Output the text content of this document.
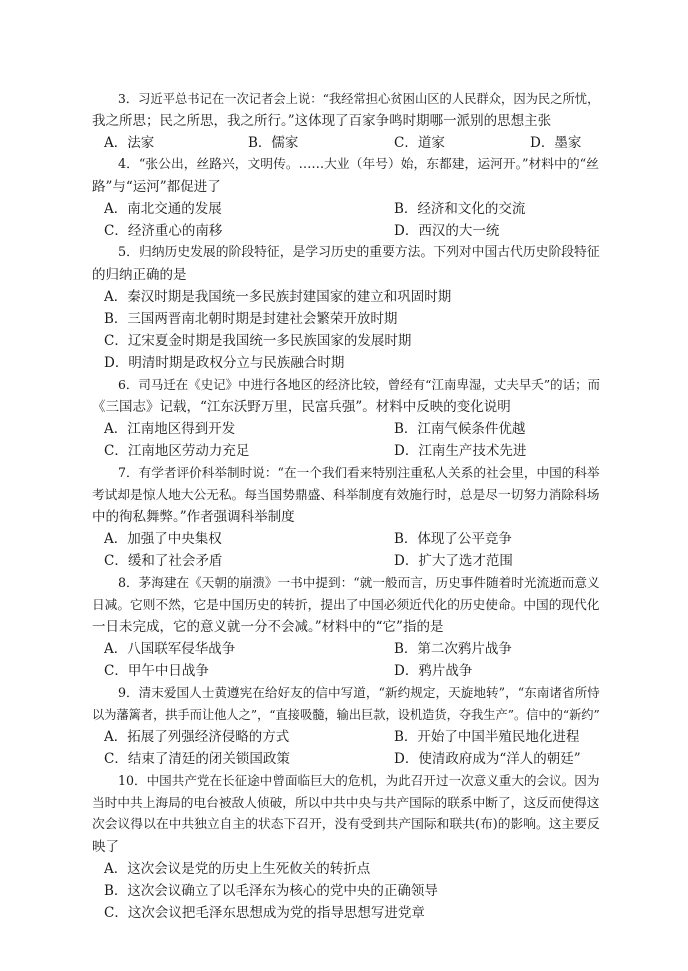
3．习近平总书记在一次记者会上说：“我经常担心贫困山区的人民群众，因为民之所忧，
我之所思；民之所思，我之所行。”这体现了百家争鸣时期哪一派别的思想主张
A．法家	B．儒家	C．道家	D．墨家
4．“张公出，丝路兴，文明传。……大业（年号）始，东都建，运河开。”材料中的“丝
路”与“运河”都促进了
A．南北交通的发展	B．经济和文化的交流
C．经济重心的南移	D．西汉的大一统
5．归纳历史发展的阶段特征，是学习历史的重要方法。下列对中国古代历史阶段特征
的归纳正确的是
A．秦汉时期是我国统一多民族封建国家的建立和巩固时期
B．三国两晋南北朝时期是封建社会繁荣开放时期
C．辽宋夏金时期是我国统一多民族国家的发展时期
D．明清时期是政权分立与民族融合时期
6．司马迁在《史记》中进行各地区的经济比较，曾经有“江南卑湿，丈夫早夭”的话；而
《三国志》记载，“江东沃野万里，民富兵强”。材料中反映的变化说明
A．江南地区得到开发	B．江南气候条件优越
C．江南地区劳动力充足	D．江南生产技术先进
7．有学者评价科举制时说：“在一个我们看来特别注重私人关系的社会里，中国的科举
考试却是惊人地大公无私。每当国势鼎盛、科举制度有效施行时，总是尽一切努力消除科场
中的徇私舞弊。”作者强调科举制度
A．加强了中央集权	B．体现了公平竞争
C．缓和了社会矛盾	D．扩大了选才范围
8．茅海建在《天朝的崩溃》一书中提到：“就一般而言，历史事件随着时光流逝而意义
日减。它则不然，它是中国历史的转折，提出了中国必须近代化的历史使命。中国的现代化
一日未完成，它的意义就一分不会减。”材料中的“它”指的是
A．八国联军侵华战争	B．第二次鸦片战争
C．甲午中日战争	D．鸦片战争
9．清末爱国人士黄遵宪在给好友的信中写道，“新约规定，天旋地转”，“东南诸省所恃
以为藩篱者，拱手而让他人之”，“直接吸髓，输出巨款，设机造货，夺我生产”。信中的“新约”
A．拓展了列强经济侵略的方式	B．开始了中国半殖民地化进程
C．结束了清廷的闭关锁国政策	D．使清政府成为“洋人的朝廷”
10．中国共产党在长征途中曾面临巨大的危机，为此召开过一次意义重大的会议。因为
当时中共上海局的电台被敌人侦破，所以中共中央与共产国际的联系中断了，这反而使得这
次会议得以在中共独立自主的状态下召开，没有受到共产国际和联共(布)的影响。这主要反
映了
A．这次会议是党的历史上生死攸关的转折点
B．这次会议确立了以毛泽东为核心的党中央的正确领导
C．这次会议把毛泽东思想成为党的指导思想写进党章
